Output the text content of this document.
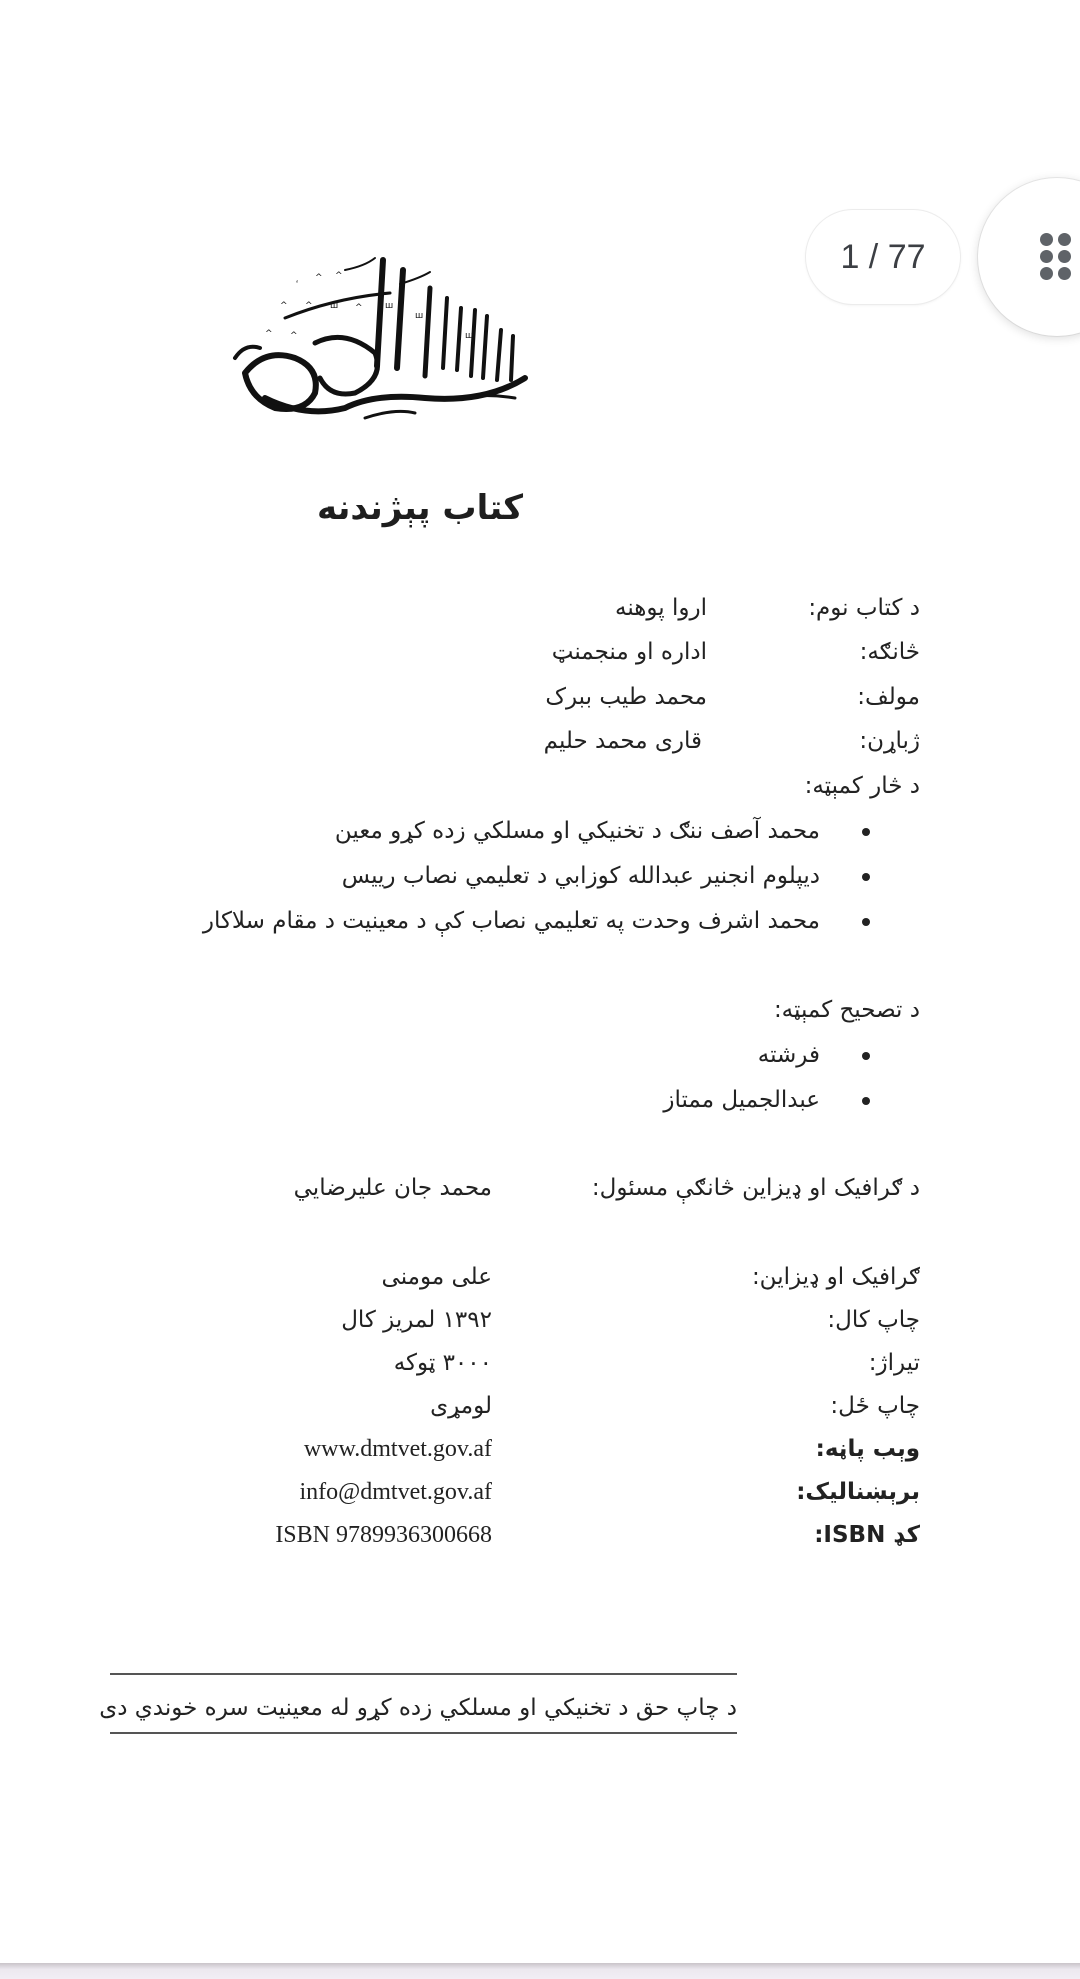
1 / 77
^ ^
^ ^ ш ^ ш
ш
^ ^	ш
کتاب پېژندنه
د کتاب نوم:
اروا پوهنه
څانګه:
اداره او منجمنټ
مولف:
محمد طیب ببرک
ژباړن:
قاری محمد حلیم
د څار کمېټه:
محمد آصف ننګ د تخنیکي او مسلکي زده کړو معین
دیپلوم انجنیر عبدالله کوزابي د تعلیمي نصاب رییس
محمد اشرف وحدت په تعلیمي نصاب کې د معینیت د مقام سلاکار
د تصحیح کمېټه:
فرشته
عبدالجمیل ممتاز
د ګرافیک او ډیزاین څانګې مسئول:
محمد جان علیرضایي
ګرافیک او ډیزاین:
علی مومنی
چاپ کال:
۱۳۹۲ لمریز کال
تیراژ:
۳۰۰۰ ټوکه
چاپ ځل:
لومړی
وېب پاڼه:
www.dmtvet.gov.af
برېښنالیک:
info@dmtvet.gov.af
کډ ISBN:
ISBN 9789936300668
د چاپ حق د تخنیکي او مسلکي زده کړو له معینیت سره خوندي دی
